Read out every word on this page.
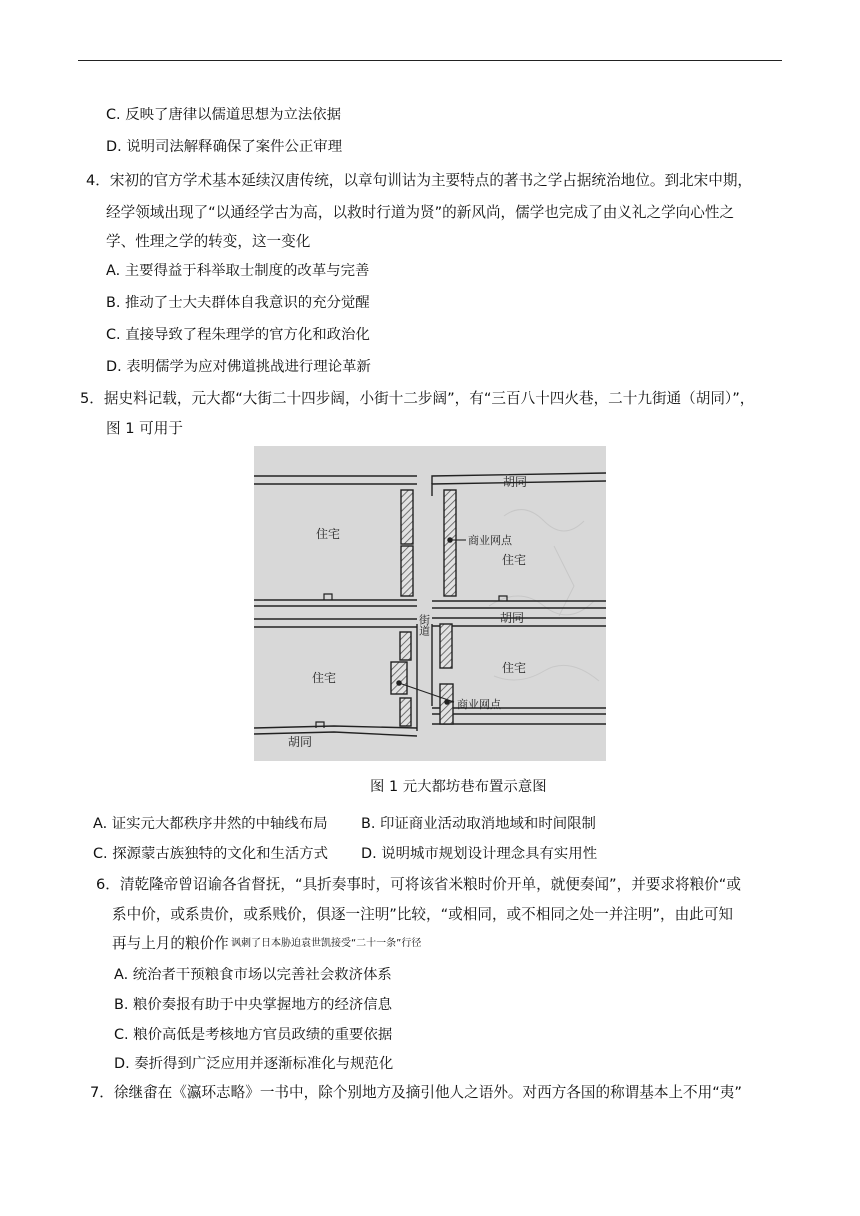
C. 反映了唐律以儒道思想为立法依据
D. 说明司法解释确保了案件公正审理
4．宋初的官方学术基本延续汉唐传统，以章句训诂为主要特点的著书之学占据统治地位。到北宋中期，
经学领域出现了“以通经学古为高，以救时行道为贤”的新风尚，儒学也完成了由义礼之学向心性之
学、性理之学的转变，这一变化
A. 主要得益于科举取士制度的改革与完善
B. 推动了士大夫群体自我意识的充分觉醒
C. 直接导致了程朱理学的官方化和政治化
D. 表明儒学为应对佛道挑战进行理论革新
5．据史料记载，元大都“大街二十四步阔，小街十二步阔”，有“三百八十四火巷，二十九街通（胡同）”，
图 1 可用于
胡同
住宅	商业网点
住宅
胡同
住宅
住宅
商业网点
胡同
街道
图 1 元大都坊巷布置示意图
A. 证实元大都秩序井然的中轴线布局 B. 印证商业活动取消地域和时间限制
C. 探源蒙古族独特的文化和生活方式 D. 说明城市规划设计理念具有实用性
6．清乾隆帝曾诏谕各省督抚，“具折奏事时，可将该省米粮时价开单，就便奏闻”，并要求将粮价“或
系中价，或系贵价，或系贱价，俱逐一注明”比较，“或相同，或不相同之处一并注明”，由此可知
再与上月的粮价作 讽刺了日本胁迫袁世凯接受“二十一条”行径
A. 统治者干预粮食市场以完善社会救济体系
B. 粮价奏报有助于中央掌握地方的经济信息
C. 粮价高低是考核地方官员政绩的重要依据
D. 奏折得到广泛应用并逐渐标准化与规范化
7．徐继畬在《瀛环志略》一书中，除个别地方及摘引他人之语外。对西方各国的称谓基本上不用“夷”
